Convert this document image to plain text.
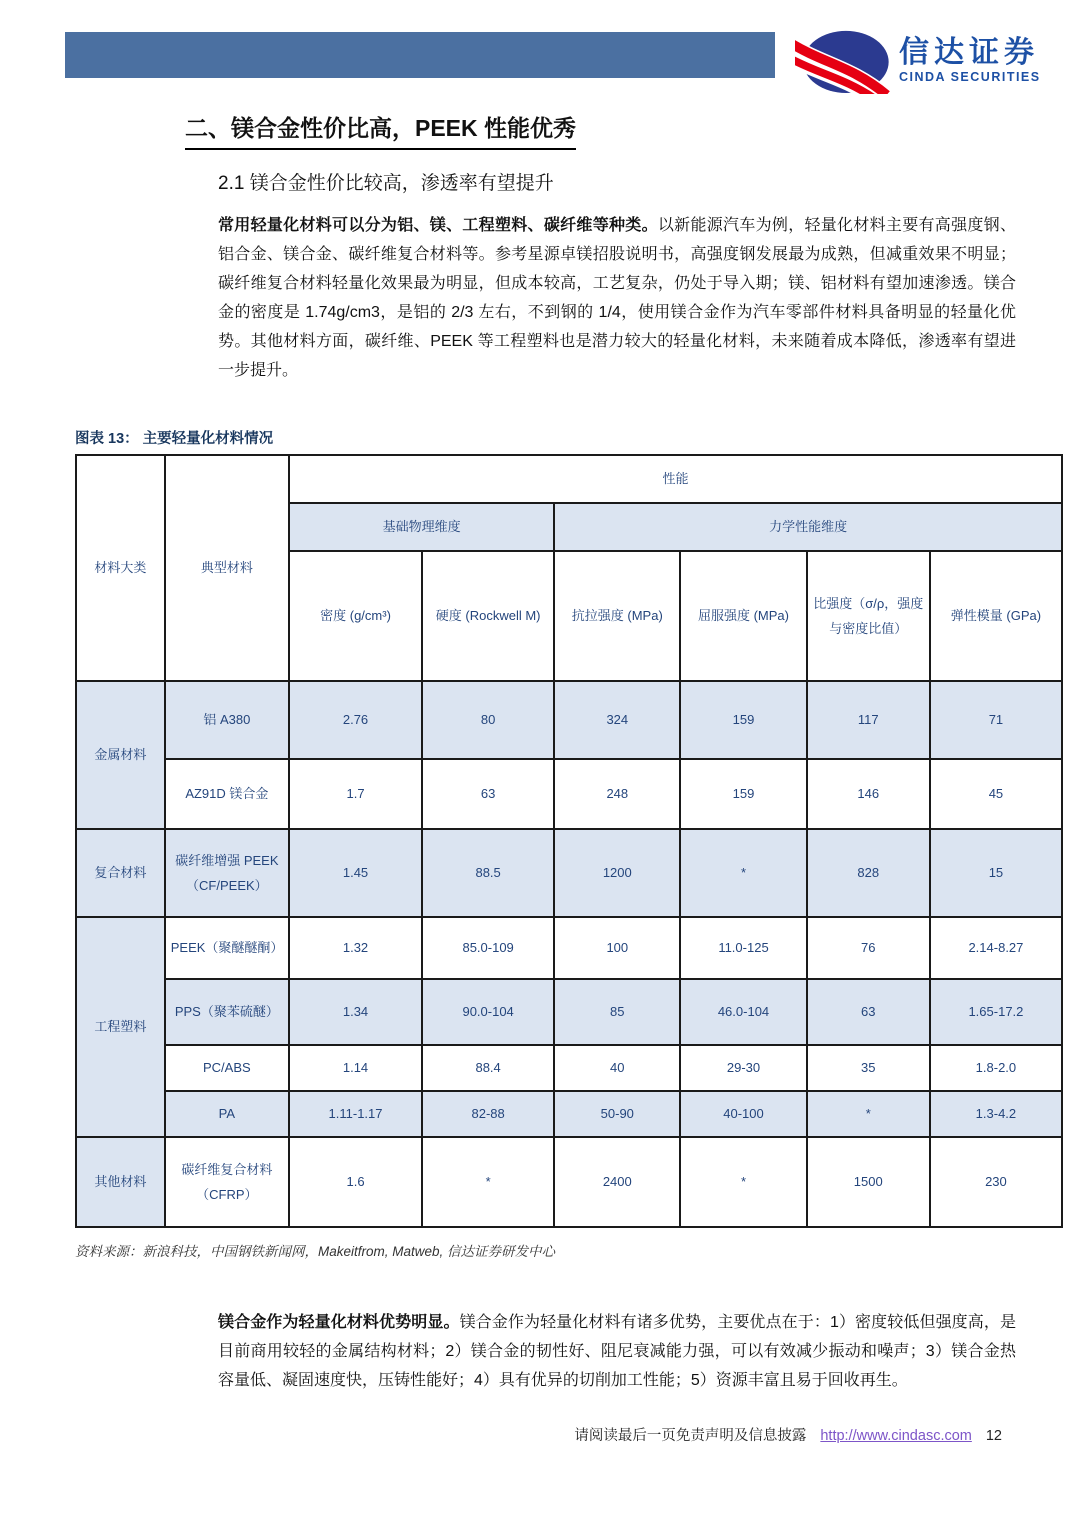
信达证券
CINDA SECURITIES
二、镁合金性价比高，PEEK 性能优秀
2.1 镁合金性价比较高，渗透率有望提升

常用轻量化材料可以分为铝、镁、工程塑料、碳纤维等种类。以新能源汽车为例，轻量化材料主要有高强度钢、铝合金、镁合金、碳纤维复合材料等。参考星源卓镁招股说明书，高强度钢发展最为成熟，但减重效果不明显；碳纤维复合材料轻量化效果最为明显，但成本较高，工艺复杂，仍处于导入期；镁、铝材料有望加速渗透。镁合金的密度是 1.74g/cm3，是铝的 2/3 左右，不到钢的 1/4，使用镁合金作为汽车零部件材料具备明显的轻量化优势。其他材料方面，碳纤维、PEEK 等工程塑料也是潜力较大的轻量化材料，未来随着成本降低，渗透率有望进一步提升。

图表 13： 主要轻量化材料情况
材料大类	典型材料	性能					
		基础物理维度		力学性能维度			
		密度 (g/cm³)	硬度 (Rockwell M)	抗拉强度 (MPa)	屈服强度 (MPa)	比强度（σ/ρ，强度与密度比值）	弹性模量 (GPa)
金属材料	铝 A380	2.76	80	324	159	117	71
	AZ91D 镁合金	1.7	63	248	159	146	45
复合材料	碳纤维增强 PEEK（CF/PEEK）	1.45	88.5	1200	*	828	15
工程塑料	PEEK（聚醚醚酮）	1.32	85.0-109	100	11.0-125	76	2.14-8.27
	PPS（聚苯硫醚）	1.34	90.0-104	85	46.0-104	63	1.65-17.2
	PC/ABS	1.14	88.4	40	29-30	35	1.8-2.0
	PA	1.11-1.17	82-88	50-90	40-100	*	1.3-4.2
其他材料	碳纤维复合材料（CFRP）	1.6	*	2400	*	1500	230
资料来源：新浪科技，中国钢铁新闻网，Makeitfrom, Matweb, 信达证券研发中心

镁合金作为轻量化材料优势明显。镁合金作为轻量化材料有诸多优势，主要优点在于：1）密度较低但强度高，是目前商用较轻的金属结构材料；2）镁合金的韧性好、阻尼衰减能力强，可以有效减少振动和噪声；3）镁合金热容量低、凝固速度快，压铸性能好；4）具有优异的切削加工性能；5）资源丰富且易于回收再生。

请阅读最后一页免责声明及信息披露 http://www.cindasc.com 12
